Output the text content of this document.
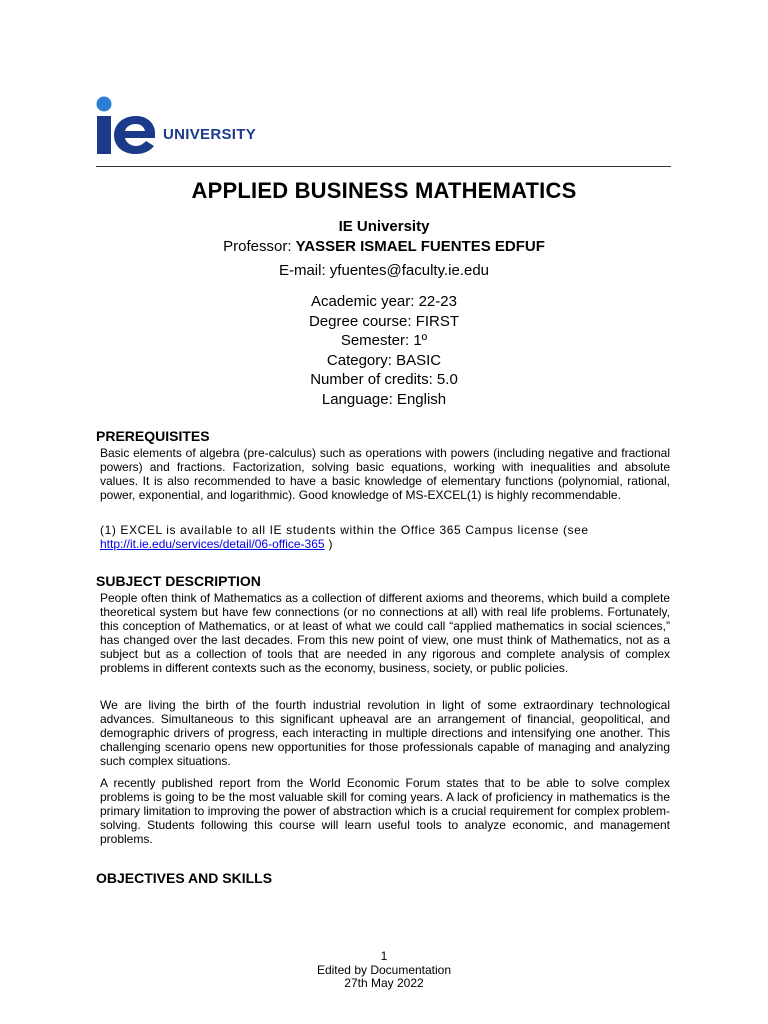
UNIVERSITY
APPLIED BUSINESS MATHEMATICS
IE University
Professor: YASSER ISMAEL FUENTES EDFUF
E-mail: yfuentes@faculty.ie.edu
Academic year: 22-23
Degree course: FIRST
Semester: 1º
Category: BASIC
Number of credits: 5.0
Language: English
PREREQUISITES
Basic elements of algebra (pre-calculus) such as operations with powers (including negative and fractional powers) and fractions. Factorization, solving basic equations, working with inequalities and absolute values. It is also recommended to have a basic knowledge of elementary functions (polynomial, rational, power, exponential, and logarithmic). Good knowledge of MS-EXCEL(1) is highly recommendable.
(1) EXCEL is available to all IE students within the Office 365 Campus license (see
http://it.ie.edu/services/detail/06-office-365 )
SUBJECT DESCRIPTION
People often think of Mathematics as a collection of different axioms and theorems, which build a complete theoretical system but have few connections (or no connections at all) with real life problems. Fortunately, this conception of Mathematics, or at least of what we could call “applied mathematics in social sciences,” has changed over the last decades. From this new point of view, one must think of Mathematics, not as a subject but as a collection of tools that are needed in any rigorous and complete analysis of complex problems in different contexts such as the economy, business, society, or public policies.
We are living the birth of the fourth industrial revolution in light of some extraordinary technological advances. Simultaneous to this significant upheaval are an arrangement of financial, geopolitical, and demographic drivers of progress, each interacting in multiple directions and intensifying one another. This challenging scenario opens new opportunities for those professionals capable of managing and analyzing such complex situations.
A recently published report from the World Economic Forum states that to be able to solve complex problems is going to be the most valuable skill for coming years. A lack of proficiency in mathematics is the primary limitation to improving the power of abstraction which is a crucial requirement for complex problem-solving. Students following this course will learn useful tools to analyze economic, and management problems.
OBJECTIVES AND SKILLS
1
Edited by Documentation
27th May 2022
